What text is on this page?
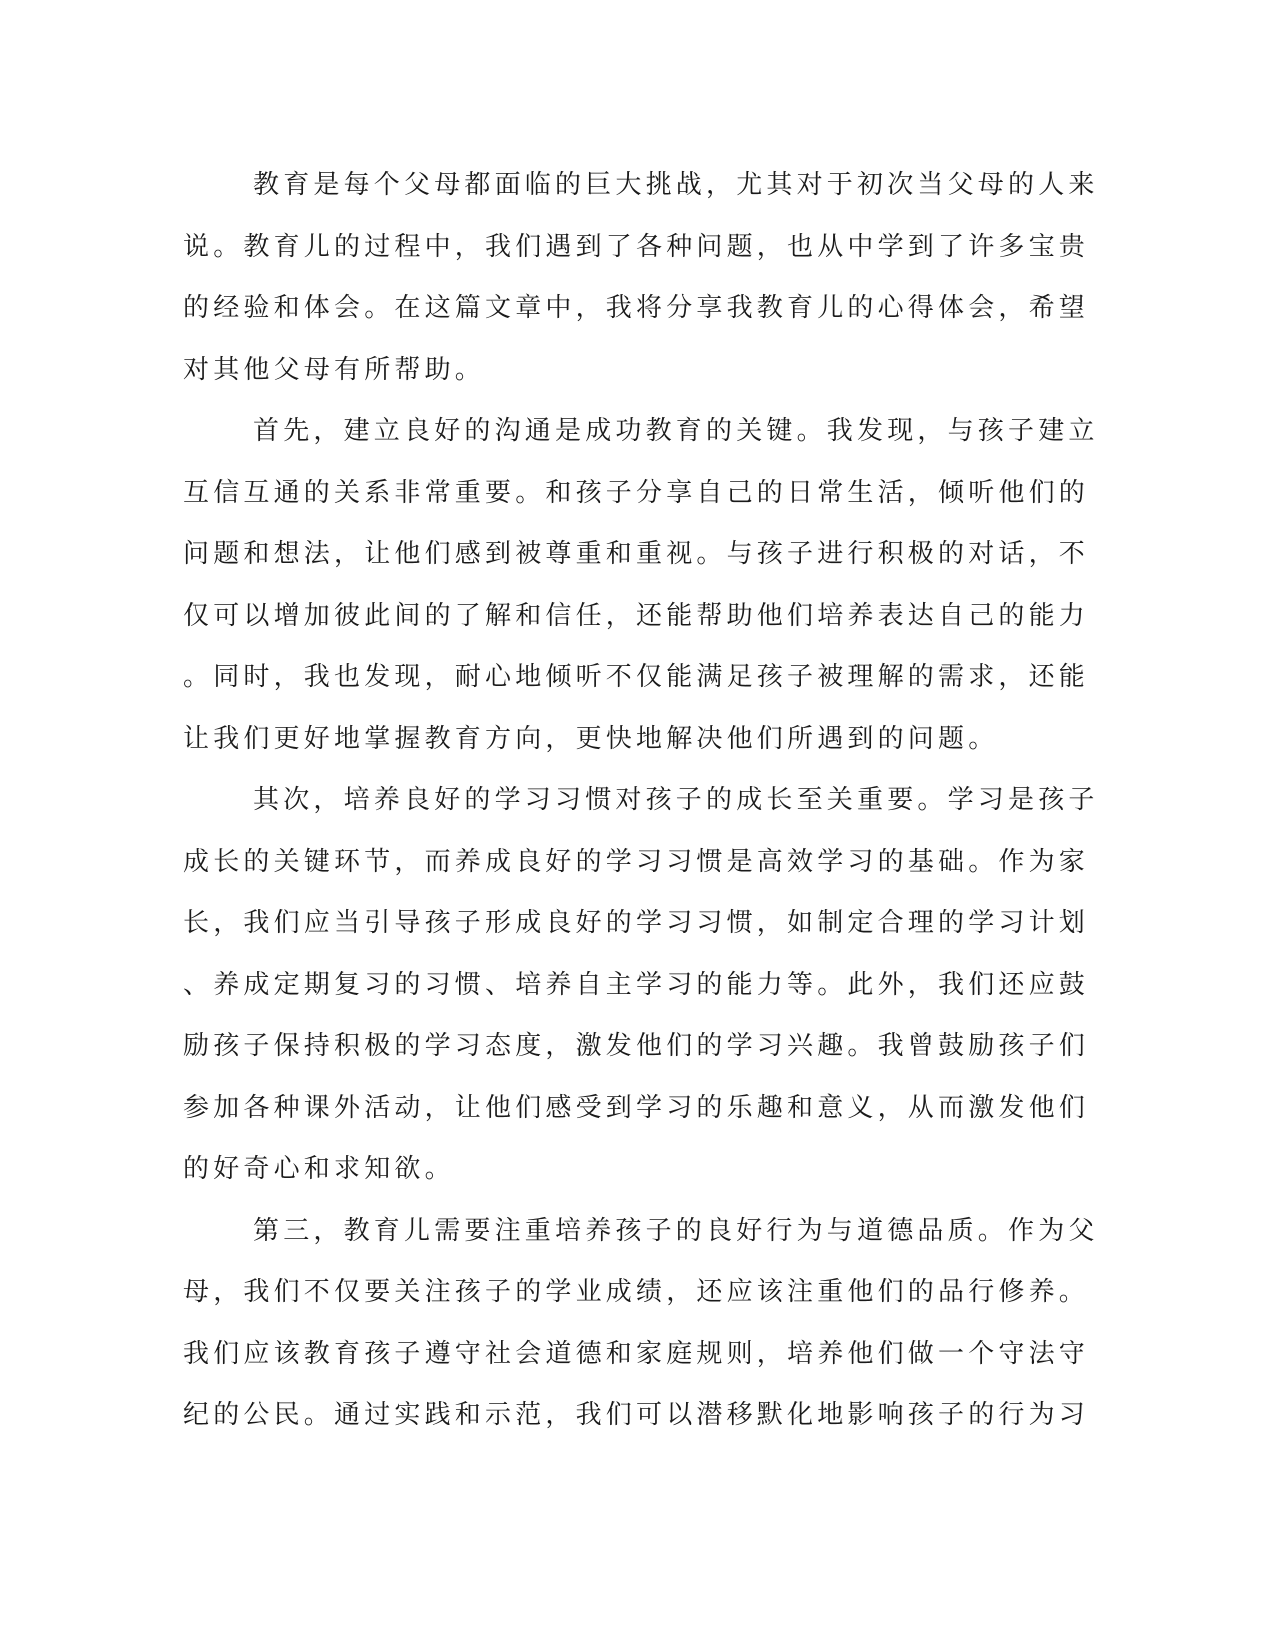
教育是每个父母都面临的巨大挑战，尤其对于初次当父母的人来
说。教育儿的过程中，我们遇到了各种问题，也从中学到了许多宝贵
的经验和体会。在这篇文章中，我将分享我教育儿的心得体会，希望
对其他父母有所帮助。
首先，建立良好的沟通是成功教育的关键。我发现，与孩子建立
互信互通的关系非常重要。和孩子分享自己的日常生活，倾听他们的
问题和想法，让他们感到被尊重和重视。与孩子进行积极的对话，不
仅可以增加彼此间的了解和信任，还能帮助他们培养表达自己的能力
。同时，我也发现，耐心地倾听不仅能满足孩子被理解的需求，还能
让我们更好地掌握教育方向，更快地解决他们所遇到的问题。
其次，培养良好的学习习惯对孩子的成长至关重要。学习是孩子
成长的关键环节，而养成良好的学习习惯是高效学习的基础。作为家
长，我们应当引导孩子形成良好的学习习惯，如制定合理的学习计划
、养成定期复习的习惯、培养自主学习的能力等。此外，我们还应鼓
励孩子保持积极的学习态度，激发他们的学习兴趣。我曾鼓励孩子们
参加各种课外活动，让他们感受到学习的乐趣和意义，从而激发他们
的好奇心和求知欲。
第三，教育儿需要注重培养孩子的良好行为与道德品质。作为父
母，我们不仅要关注孩子的学业成绩，还应该注重他们的品行修养。
我们应该教育孩子遵守社会道德和家庭规则，培养他们做一个守法守
纪的公民。通过实践和示范，我们可以潜移默化地影响孩子的行为习
